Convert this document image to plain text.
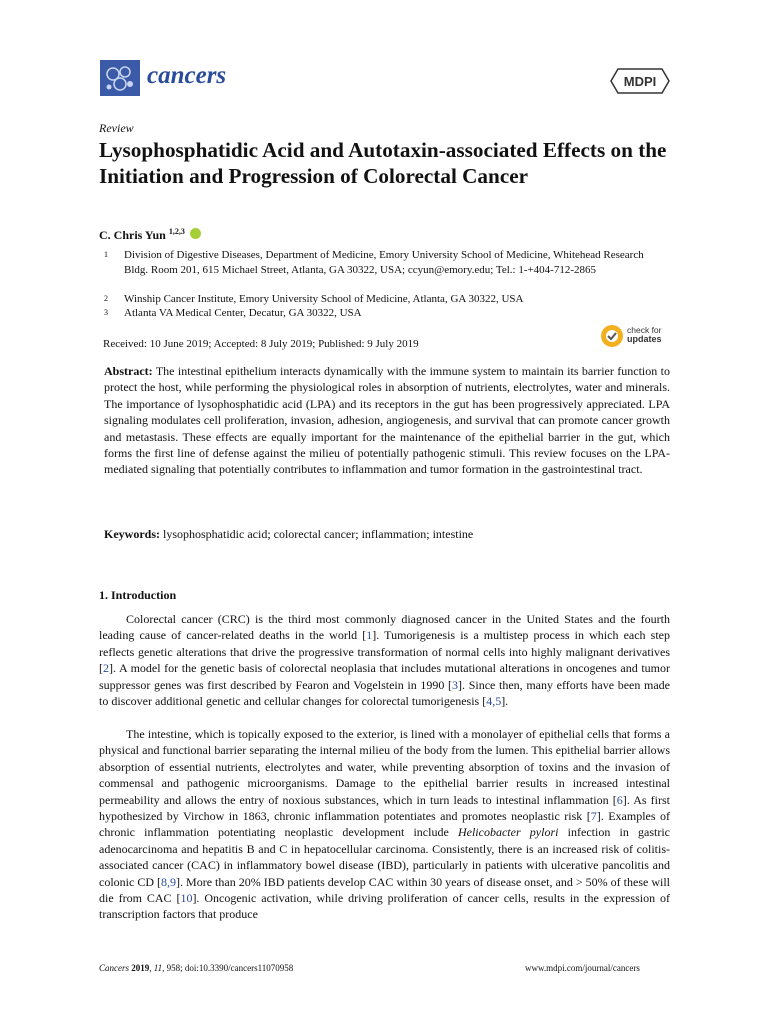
cancers	MDPI
Review
Lysophosphatidic Acid and Autotaxin-associated Effects on the Initiation and Progression of Colorectal Cancer
C. Chris Yun $^{1,2,3}$
1 Division of Digestive Diseases, Department of Medicine, Emory University School of Medicine, Whitehead Research Bldg. Room 201, 615 Michael Street, Atlanta, GA 30322, USA; ccyun@emory.edu; Tel.: 1-+404-712-2865
2 Winship Cancer Institute, Emory University School of Medicine, Atlanta, GA 30322, USA
3 Atlanta VA Medical Center, Decatur, GA 30322, USA
Received: 10 June 2019; Accepted: 8 July 2019; Published: 9 July 2019
check for
updates
Abstract: The intestinal epithelium interacts dynamically with the immune system to maintain its barrier function to protect the host, while performing the physiological roles in absorption of nutrients, electrolytes, water and minerals. The importance of lysophosphatidic acid (LPA) and its receptors in the gut has been progressively appreciated. LPA signaling modulates cell proliferation, invasion, adhesion, angiogenesis, and survival that can promote cancer growth and metastasis. These effects are equally important for the maintenance of the epithelial barrier in the gut, which forms the first line of defense against the milieu of potentially pathogenic stimuli. This review focuses on the LPA-mediated signaling that potentially contributes to inflammation and tumor formation in the gastrointestinal tract.
Keywords: lysophosphatidic acid; colorectal cancer; inflammation; intestine
1. Introduction
Colorectal cancer (CRC) is the third most commonly diagnosed cancer in the United States and the fourth leading cause of cancer-related deaths in the world [1]. Tumorigenesis is a multistep process in which each step reflects genetic alterations that drive the progressive transformation of normal cells into highly malignant derivatives [2]. A model for the genetic basis of colorectal neoplasia that includes mutational alterations in oncogenes and tumor suppressor genes was first described by Fearon and Vogelstein in 1990 [3]. Since then, many efforts have been made to discover additional genetic and cellular changes for colorectal tumorigenesis [4,5].
The intestine, which is topically exposed to the exterior, is lined with a monolayer of epithelial cells that forms a physical and functional barrier separating the internal milieu of the body from the lumen. This epithelial barrier allows absorption of essential nutrients, electrolytes and water, while preventing absorption of toxins and the invasion of commensal and pathogenic microorganisms. Damage to the epithelial barrier results in increased intestinal permeability and allows the entry of noxious substances, which in turn leads to intestinal inflammation [6]. As first hypothesized by Virchow in 1863, chronic inflammation potentiates and promotes neoplastic risk [7]. Examples of chronic inflammation potentiating neoplastic development include Helicobacter pylori infection in gastric adenocarcinoma and hepatitis B and C in hepatocellular carcinoma. Consistently, there is an increased risk of colitis-associated cancer (CAC) in inflammatory bowel disease (IBD), particularly in patients with ulcerative pancolitis and colonic CD [8,9]. More than 20% IBD patients develop CAC within 30 years of disease onset, and > 50% of these will die from CAC [10]. Oncogenic activation, while driving proliferation of cancer cells, results in the expression of transcription factors that produce
Cancers 2019, 11, 958; doi:10.3390/cancers11070958	www.mdpi.com/journal/cancers
